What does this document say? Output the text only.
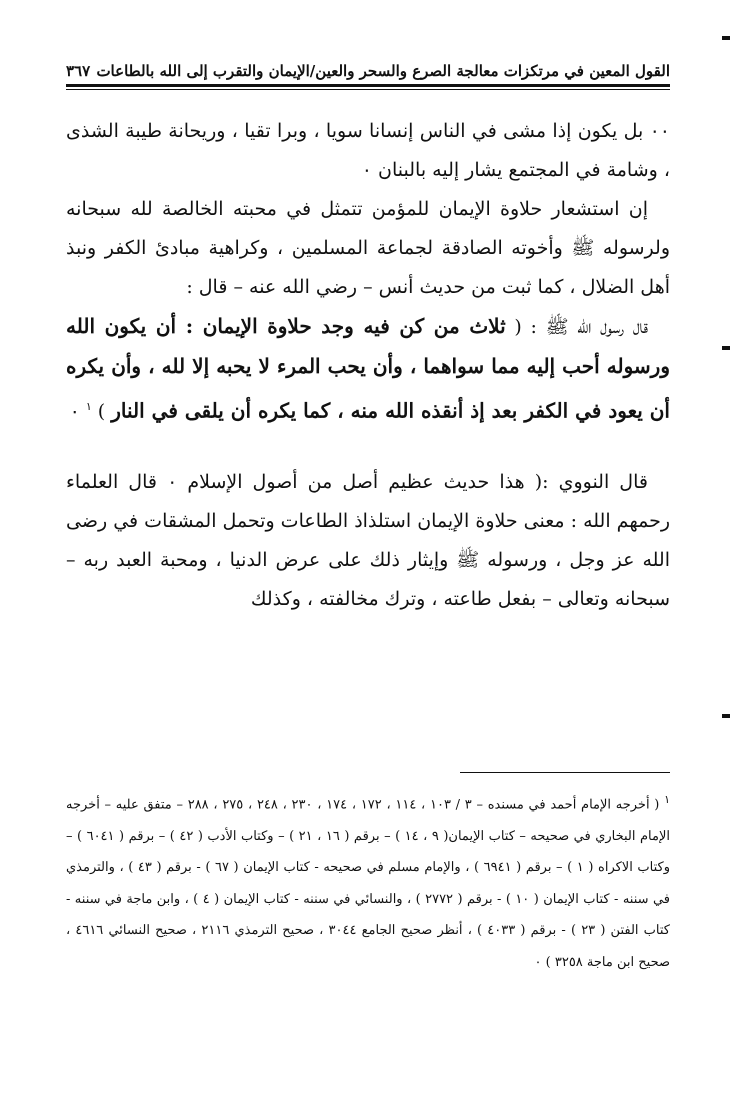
القول المعين في مرتكزات معالجة الصرع والسحر والعين/الإيمان والتقرب إلى الله بالطاعات
٣٦٧

٠٠ بل يكون إذا مشى في الناس إنسانا سويا ، وبرا تقيا ، وريحانة طيبة الشذى ، وشامة في المجتمع يشار إليه بالبنان ٠

إن استشعار حلاوة الإيمان للمؤمن تتمثل في محبته الخالصة لله سبحانه ولرسوله ﷺ وأخوته الصادقة لجماعة المسلمين ، وكراهية مبادئ الكفر ونبذ أهل الضلال ، كما ثبت من حديث أنس – رضي الله عنه – قال :

قال رسول الله ﷺ : ( ثلاث من كن فيه وجد حلاوة الإيمان : أن يكون الله ورسوله أحب إليه مما سواهما ، وأن يحب المرء لا يحبه إلا لله ، وأن يكره أن يعود في الكفر بعد إذ أنقذه الله منه ، كما يكره أن يلقى في النار ) $^١$ ٠

قال النووي :( هذا حديث عظيم أصل من أصول الإسلام ٠ قال العلماء رحمهم الله : معنى حلاوة الإيمان استلذاذ الطاعات وتحمل المشقات في رضى الله عز وجل ، ورسوله ﷺ وإيثار ذلك على عرض الدنيا ، ومحبة العبد ربه – سبحانه وتعالى – بفعل طاعته ، وترك مخالفته ، وكذلك

$^١$ ( أخرجه الإمام أحمد في مسنده – ٣ / ١٠٣ ، ١١٤ ، ١٧٢ ، ١٧٤ ، ٢٣٠ ، ٢٤٨ ، ٢٧٥ ، ٢٨٨ – متفق عليه – أخرجه الإمام البخاري في صحيحه – كتاب الإيمان( ٩ ، ١٤ ) – برقم ( ١٦ ، ٢١ ) – وكتاب الأدب ( ٤٢ ) – برقم ( ٦٠٤١ ) – وكتاب الاكراه ( ١ ) – برقم ( ٦٩٤١ ) ، والإمام مسلم في صحيحه - كتاب الإيمان ( ٦٧ ) - برقم ( ٤٣ ) ، والترمذي في سننه - كتاب الإيمان ( ١٠ ) - برقم ( ٢٧٧٢ ) ، والنسائي في سننه - كتاب الإيمان ( ٤ ) ، وابن ماجة في سننه - كتاب الفتن ( ٢٣ ) - برقم ( ٤٠٣٣ ) ، أنظر صحيح الجامع ٣٠٤٤ ، صحيح الترمذي ٢١١٦ ، صحيح النسائي ٤٦١٦ ، صحيح ابن ماجة ٣٢٥٨ ) ٠
